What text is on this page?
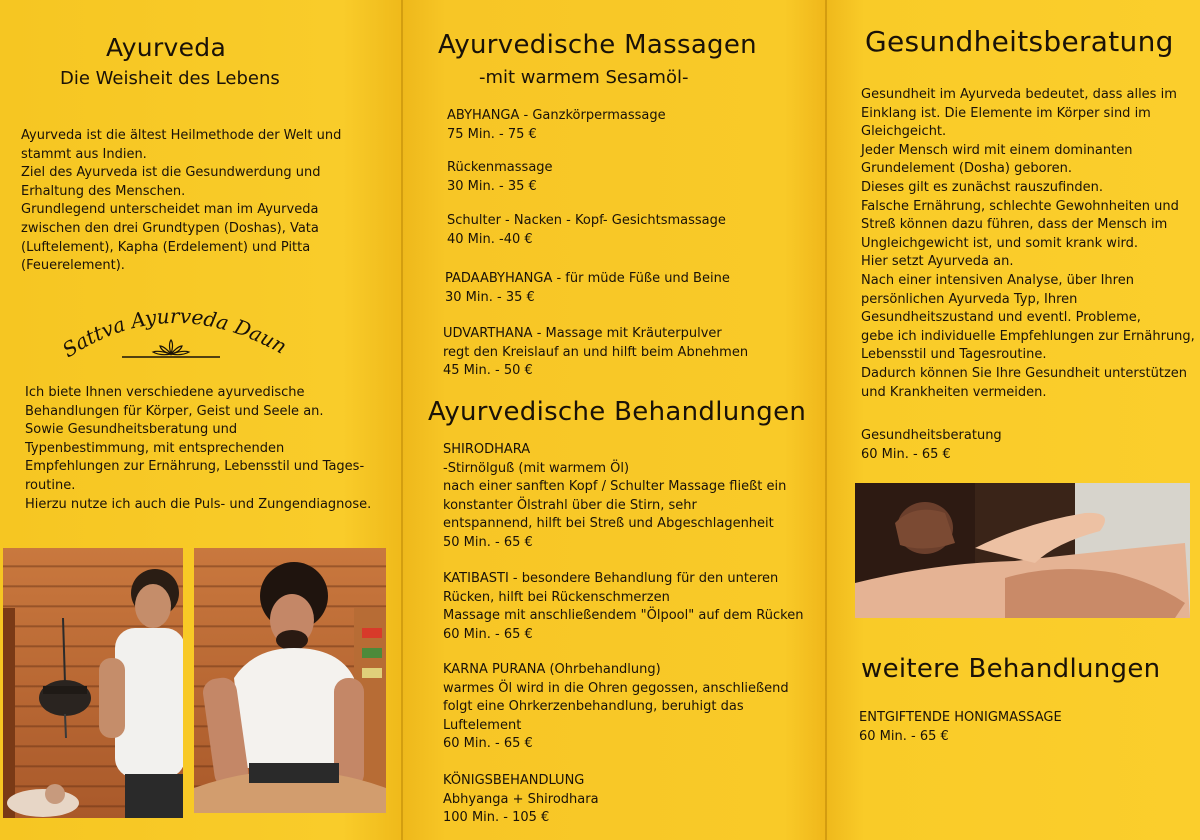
Ayurveda
Die Weisheit des Lebens

Ayurveda ist die ältest Heilmethode der Welt und

stammt aus Indien.

Ziel des Ayurveda ist die Gesundwerdung und

Erhaltung des Menschen.

Grundlegend unterscheidet man im Ayurveda

zwischen den drei Grundtypen (Doshas), Vata

(Luftelement), Kapha (Erdelement) und Pitta

(Feuerelement).

Sattva Ayurveda Daun

Ich biete Ihnen verschiedene ayurvedische

Behandlungen für Körper, Geist und Seele an.

Sowie Gesundheitsberatung und

Typenbestimmung, mit entsprechenden

Empfehlungen zur Ernährung, Lebensstil und Tages-

routine.

Hierzu nutze ich auch die Puls- und Zungendiagnose.

Ayurvedische Massagen
-mit warmem Sesamöl-

ABYHANGA - Ganzkörpermassage

75 Min. - 75 €

Rückenmassage

30 Min. - 35 €

Schulter - Nacken - Kopf- Gesichtsmassage

40 Min. -40 €

PADAABYHANGA - für müde Füße und Beine

30 Min. - 35 €

UDVARTHANA - Massage mit Kräuterpulver

regt den Kreislauf an und hilft beim Abnehmen

45 Min. - 50 €

Ayurvedische Behandlungen

SHIRODHARA

-Stirnölguß (mit warmem Öl)

nach einer sanften Kopf / Schulter Massage fließt ein

konstanter Ölstrahl über die Stirn, sehr

entspannend, hilft bei Streß und Abgeschlagenheit

50 Min. - 65 €

KATIBASTI - besondere Behandlung für den unteren

Rücken, hilft bei Rückenschmerzen

Massage mit anschließendem "Ölpool" auf dem Rücken

60 Min. - 65 €

KARNA PURANA (Ohrbehandlung)

warmes Öl wird in die Ohren gegossen, anschließend

folgt eine Ohrkerzenbehandlung, beruhigt das

Luftelement

60 Min. - 65 €

KÖNIGSBEHANDLUNG

Abhyanga + Shirodhara

100 Min. - 105 €

Gesundheitsberatung

Gesundheit im Ayurveda bedeutet, dass alles im

Einklang ist. Die Elemente im Körper sind im

Gleichgeicht.

Jeder Mensch wird mit einem dominanten

Grundelement (Dosha) geboren.

Dieses gilt es zunächst rauszufinden.

Falsche Ernährung, schlechte Gewohnheiten und

Streß können dazu führen, dass der Mensch im

Ungleichgewicht ist, und somit krank wird.

Hier setzt Ayurveda an.

Nach einer intensiven Analyse, über Ihren

persönlichen Ayurveda Typ, Ihren

Gesundheitszustand und eventl. Probleme,

gebe ich individuelle Empfehlungen zur Ernährung,

Lebensstil und Tagesroutine.

Dadurch können Sie Ihre Gesundheit unterstützen

und Krankheiten vermeiden.

Gesundheitsberatung

60 Min. - 65 €

weitere Behandlungen

ENTGIFTENDE HONIGMASSAGE

60 Min. - 65 €
